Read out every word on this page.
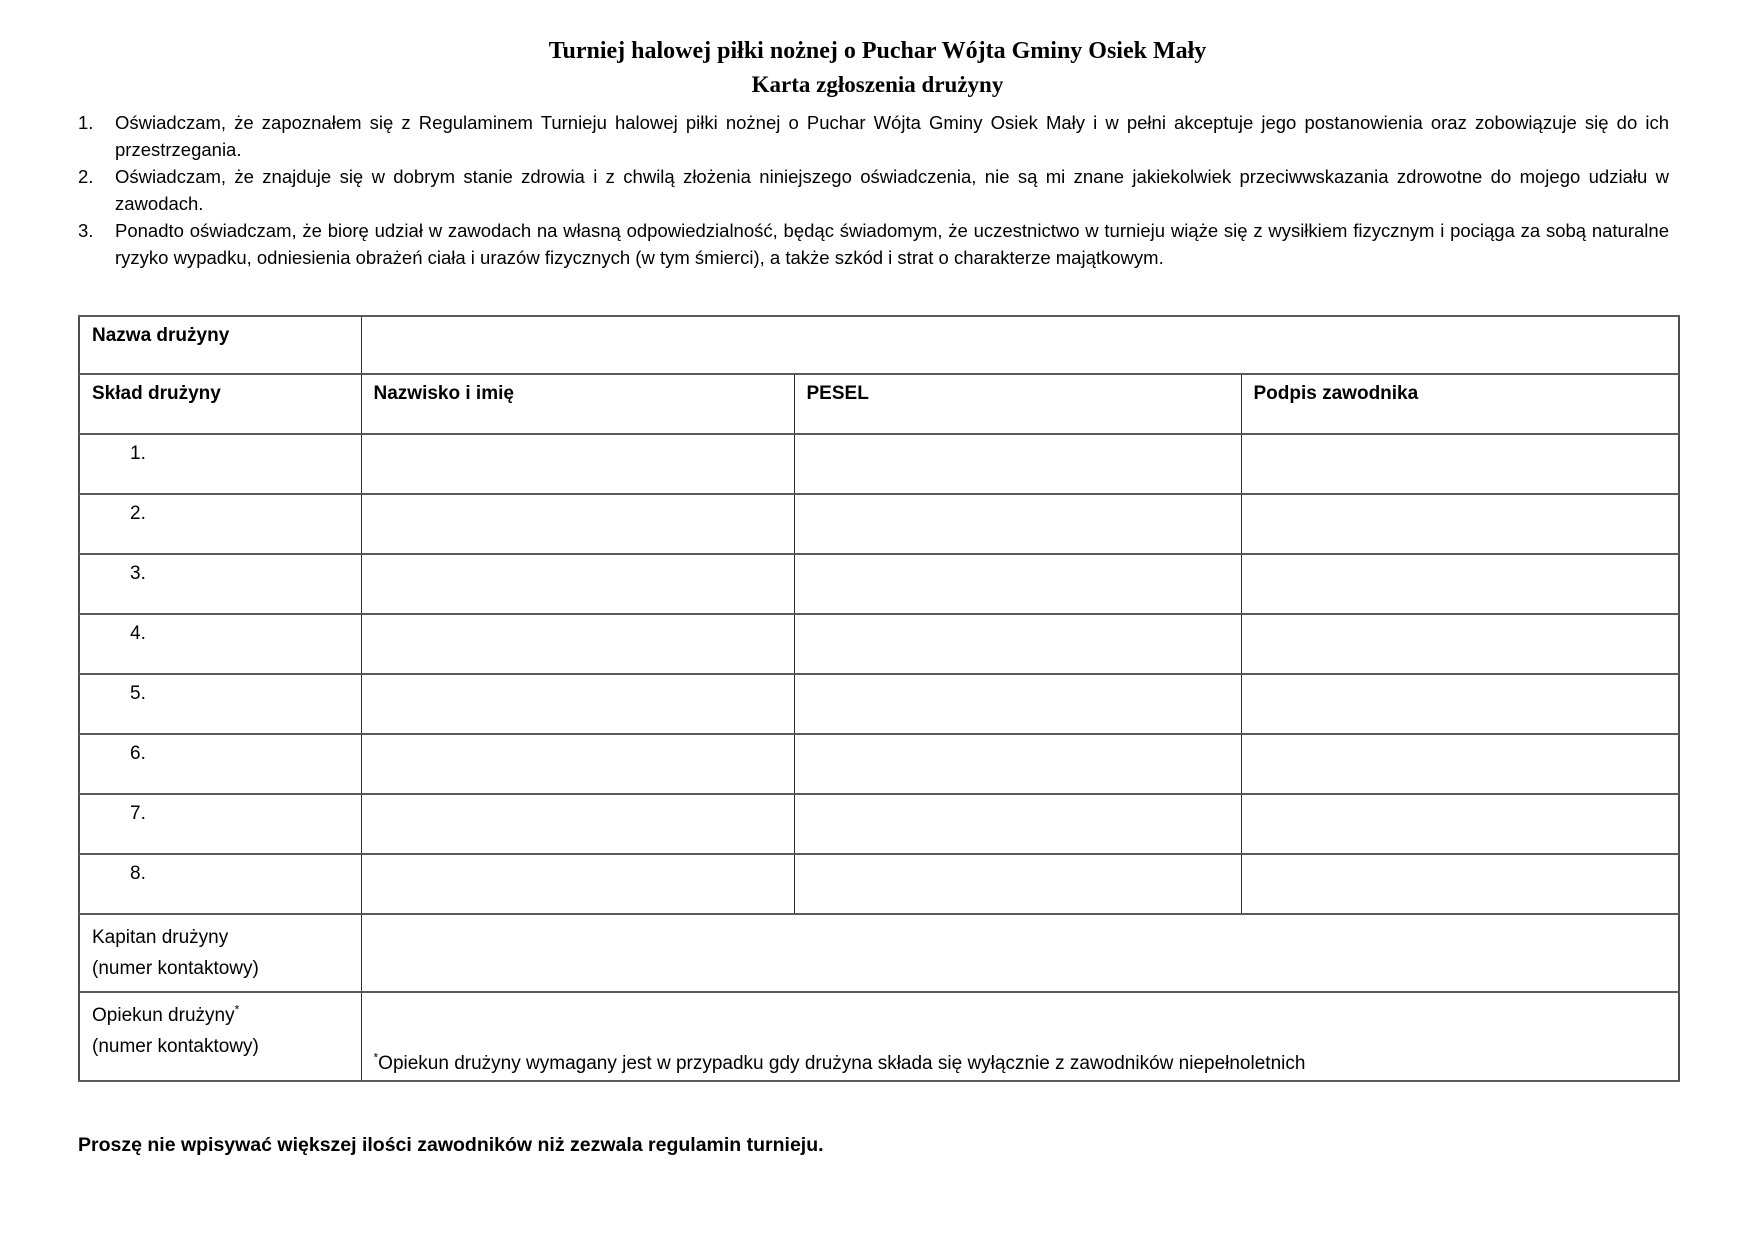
Turniej halowej piłki nożnej o Puchar Wójta Gminy Osiek Mały
Karta zgłoszenia drużyny
1. Oświadczam, że zapoznałem się z Regulaminem Turnieju halowej piłki nożnej o Puchar Wójta Gminy Osiek Mały i w pełni akceptuje jego postanowienia oraz zobowiązuje się do ich przestrzegania.
2. Oświadczam, że znajduje się w dobrym stanie zdrowia i z chwilą złożenia niniejszego oświadczenia, nie są mi znane jakiekolwiek przeciwwskazania zdrowotne do mojego udziału w zawodach.
3. Ponadto oświadczam, że biorę udział w zawodach na własną odpowiedzialność, będąc świadomym, że uczestnictwo w turnieju wiąże się z wysiłkiem fizycznym i pociąga za sobą naturalne ryzyko wypadku, odniesienia obrażeń ciała i urazów fizycznych (w tym śmierci), a także szkód i strat o charakterze majątkowym.
Nazwa drużyny			
Skład drużyny	Nazwisko i imię	PESEL	Podpis zawodnika
1.			
2.			
3.			
4.			
5.			
6.			
7.			
8.			
Kapitan drużyny
(numer kontaktowy)			
Opiekun drużyny*
(numer kontaktowy)	*Opiekun drużyny wymagany jest w przypadku gdy drużyna składa się wyłącznie z zawodników niepełnoletnich		
Proszę nie wpisywać większej ilości zawodników niż zezwala regulamin turnieju.
